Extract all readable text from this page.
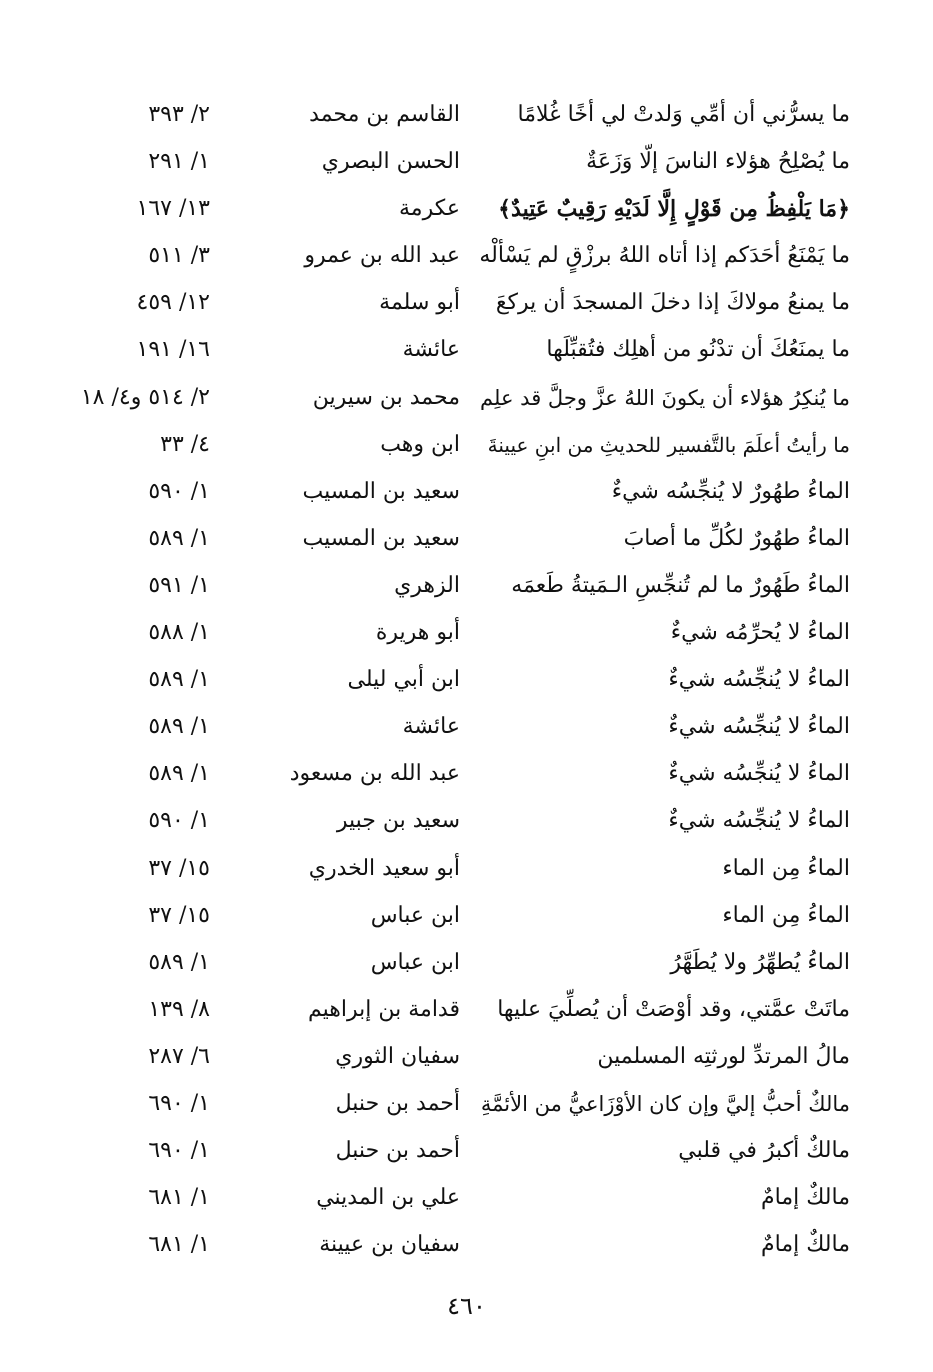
ما يسرُّني أن أمِّي وَلدتْ لي أخًا غُلامًا
القاسم بن محمد
٢/ ٣٩٣
ما يُصْلِحُ هؤلاء الناسَ إلّا وَزَعَةٌ
الحسن البصري
١/ ٢٩١
﴿مَا يَلْفِظُ مِن قَوْلٍ إِلَّا لَدَيْهِ رَقِيبٌ عَتِيدٌ﴾
عكرمة
١٣/ ١٦٧
ما يَمْنَعُ أحَدَكم إذا أتاه اللهُ برزْقٍ لم يَسْألْه
عبد الله بن عمرو
٣/ ٥١١
ما يمنعُ مولاكَ إذا دخلَ المسجدَ أن يركعَ
أبو سلمة
١٢/ ٤٥٩
ما يمنَعُكَ أن تدْنُو من أهلِك فتُقبِّلَها
عائشة
١٦/ ١٩١
ما يُنكِرُ هؤلاء أن يكونَ اللهُ عزَّ وجلَّ قد علِم
محمد بن سيرين
٢/ ٥١٤ و٤/ ١٨
ما رأيتُ أعلَمَ بالتَّفسير للحديثِ من ابنِ عيينةَ
ابن وهب
٤/ ٣٣
الماءُ طهُورٌ لا يُنجِّسُه شيءٌ
سعيد بن المسيب
١/ ٥٩٠
الماءُ طهُورٌ لكُلِّ ما أصابَ
سعيد بن المسيب
١/ ٥٨٩
الماءُ طَهُورٌ ما لم تُنجِّسِ الـمَيتةُ طَعمَه
الزهري
١/ ٥٩١
الماءُ لا يُحرِّمُه شيءٌ
أبو هريرة
١/ ٥٨٨
الماءُ لا يُنجِّسُه شيءٌ
ابن أبي ليلى
١/ ٥٨٩
الماءُ لا يُنجِّسُه شيءٌ
عائشة
١/ ٥٨٩
الماءُ لا يُنجِّسُه شيءٌ
عبد الله بن مسعود
١/ ٥٨٩
الماءُ لا يُنجِّسُه شيءٌ
سعيد بن جبير
١/ ٥٩٠
الماءُ مِن الماء
أبو سعيد الخدري
١٥/ ٣٧
الماءُ مِن الماء
ابن عباس
١٥/ ٣٧
الماءُ يُطهِّرُ ولا يُطَهَّرُ
ابن عباس
١/ ٥٨٩
ماتَتْ عمَّتي، وقد أوْصَتْ أن يُصلِّيَ عليها
قدامة بن إبراهيم
٨/ ١٣٩
مالُ المرتدِّ لورثتِه المسلمين
سفيان الثوري
٦/ ٢٨٧
مالكٌ أحبُّ إليَّ وإن كان الأوْزَاعيُّ من الأئمَّةِ
أحمد بن حنبل
١/ ٦٩٠
مالكٌ أكبرُ في قلبي
أحمد بن حنبل
١/ ٦٩٠
مالكٌ إمامٌ
علي بن المديني
١/ ٦٨١
مالكٌ إمامٌ
سفيان بن عيينة
١/ ٦٨١
٤٦٠
